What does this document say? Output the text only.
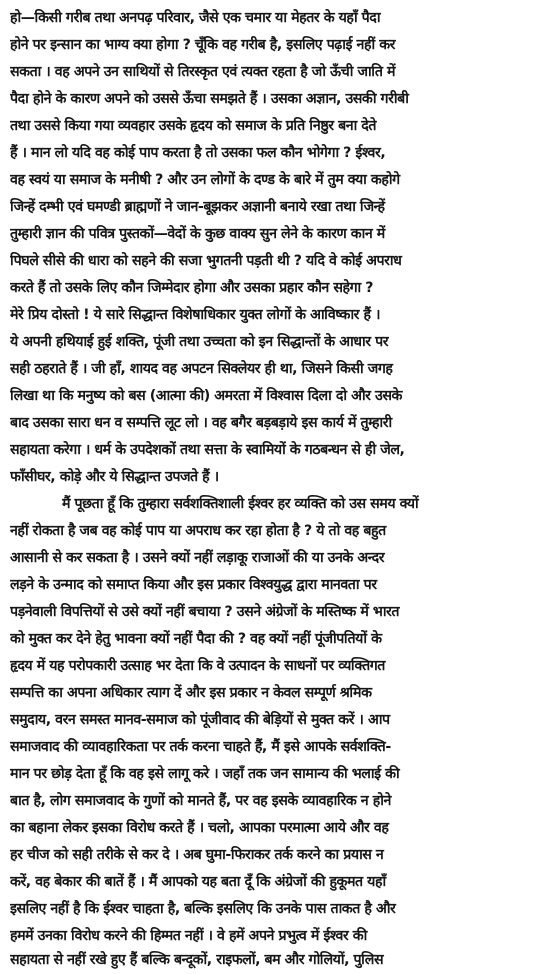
हो—किसी गरीब तथा अनपढ़ परिवार, जैसे एक चमार या मेहतर के यहाँ पैदा

होने पर इन्सान का भाग्य क्या होगा ? चूँकि वह गरीब है, इसलिए पढ़ाई नहीं कर

सकता । वह अपने उन साथियों से तिरस्कृत एवं त्यक्त रहता है जो ऊँची जाति में

पैदा होने के कारण अपने को उससे ऊँचा समझते हैं । उसका अज्ञान, उसकी गरीबी

तथा उससे किया गया व्यवहार उसके हृदय को समाज के प्रति निष्ठुर बना देते

हैं । मान लो यदि वह कोई पाप करता है तो उसका फल कौन भोगेगा ? ईश्वर,

वह स्वयं या समाज के मनीषी ? और उन लोगों के दण्ड के बारे में तुम क्या कहोगे

जिन्हें दम्भी एवं घमण्डी ब्राह्मणों ने जान-बूझकर अज्ञानी बनाये रखा तथा जिन्हें

तुम्हारी ज्ञान की पवित्र पुस्तकों—वेदों के कुछ वाक्य सुन लेने के कारण कान में

पिघले सीसे की धारा को सहने की सजा भुगतनी पड़ती थी ? यदि वे कोई अपराध

करते हैं तो उसके लिए कौन जिम्मेदार होगा और उसका प्रहार कौन सहेगा ?

मेरे प्रिय दोस्तो ! ये सारे सिद्धान्त विशेषाधिकार युक्त लोगों के आविष्कार हैं ।

ये अपनी हथियाई हुई शक्ति, पूंजी तथा उच्चता को इन सिद्धान्तों के आधार पर

सही ठहराते हैं । जी हाँ, शायद वह अपटन सिक्लेयर ही था, जिसने किसी जगह

लिखा था कि मनुष्य को बस (आत्मा की) अमरता में विश्वास दिला दो और उसके

बाद उसका सारा धन व सम्पत्ति लूट लो । वह बगैर बड़बड़ाये इस कार्य में तुम्हारी

सहायता करेगा । धर्म के उपदेशकों तथा सत्ता के स्वामियों के गठबन्धन से ही जेल,

फाँसीघर, कोड़े और ये सिद्धान्त उपजते हैं ।

मैं पूछता हूँ कि तुम्हारा सर्वशक्तिशाली ईश्वर हर व्यक्ति को उस समय क्यों

नहीं रोकता है जब वह कोई पाप या अपराध कर रहा होता है ? ये तो वह बहुत

आसानी से कर सकता है । उसने क्यों नहीं लड़ाकू राजाओं की या उनके अन्दर

लड़ने के उन्माद को समाप्त किया और इस प्रकार विश्वयुद्ध द्वारा मानवता पर

पड़नेवाली विपत्तियों से उसे क्यों नहीं बचाया ? उसने अंग्रेजों के मस्तिष्क में भारत

को मुक्त कर देने हेतु भावना क्यों नहीं पैदा की ? वह क्यों नहीं पूंजीपतियों के

हृदय में यह परोपकारी उत्साह भर देता कि वे उत्पादन के साधनों पर व्यक्तिगत

सम्पत्ति का अपना अधिकार त्याग दें और इस प्रकार न केवल सम्पूर्ण श्रमिक

समुदाय, वरन समस्त मानव-समाज को पूंजीवाद की बेड़ियों से मुक्त करें । आप

समाजवाद की व्यावहारिकता पर तर्क करना चाहते हैं, मैं इसे आपके सर्वशक्ति-

मान पर छोड़ देता हूँ कि वह इसे लागू करे । जहाँ तक जन सामान्य की भलाई की

बात है, लोग समाजवाद के गुणों को मानते हैं, पर वह इसके व्यावहारिक न होने

का बहाना लेकर इसका विरोध करते हैं । चलो, आपका परमात्मा आये और वह

हर चीज को सही तरीके से कर दे । अब घुमा-फिराकर तर्क करने का प्रयास न

करें, वह बेकार की बातें हैं । मैं आपको यह बता दूँ कि अंग्रेजों की हुकूमत यहाँ

इसलिए नहीं है कि ईश्वर चाहता है, बल्कि इसलिए कि उनके पास ताकत है और

हममें उनका विरोध करने की हिम्मत नहीं । वे हमें अपने प्रभुत्व में ईश्वर की

सहायता से नहीं रखे हुए हैं बल्कि बन्दूकों, राइफलों, बम और गोलियों, पुलिस
